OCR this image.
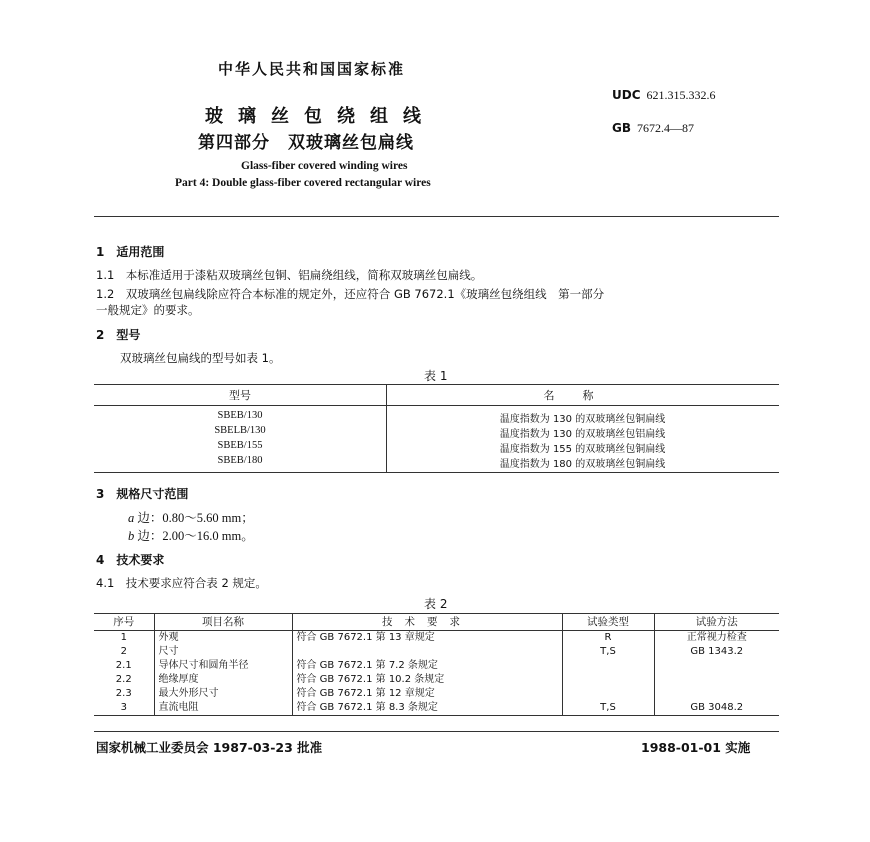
中华人民共和国国家标准
UDC 621.315.332.6
GB 7672.4—87
玻璃丝包绕组线
第四部分　双玻璃丝包扁线
Glass-fiber covered winding wires
Part 4: Double glass-fiber covered rectangular wires
1　适用范围
1.1　本标准适用于漆粘双玻璃丝包铜、铝扁绕组线，简称双玻璃丝包扁线。
1.2　双玻璃丝包扁线除应符合本标准的规定外，还应符合 GB 7672.1《玻璃丝包绕组线　第一部分
一般规定》的要求。
2　型号
双玻璃丝包扁线的型号如表 1。
表 1
型号	名称
SBEB/130	温度指数为 130 的双玻璃丝包铜扁线
SBELB/130	温度指数为 130 的双玻璃丝包铝扁线
SBEB/155	温度指数为 155 的双玻璃丝包铜扁线
SBEB/180	温度指数为 180 的双玻璃丝包铜扁线
3　规格尺寸范围
a 边：0.80～5.60 mm；
b 边：2.00～16.0 mm。
4　技术要求
4.1　技术要求应符合表 2 规定。
表 2
序号	项目名称	技术要求	试验类型	试验方法
1	外观	符合 GB 7672.1 第 13 章规定	R	正常视力检查
2	尺寸		T,S	GB 1343.2
2.1	导体尺寸和圆角半径	符合 GB 7672.1 第 7.2 条规定		
2.2	绝缘厚度	符合 GB 7672.1 第 10.2 条规定		
2.3	最大外形尺寸	符合 GB 7672.1 第 12 章规定		
3	直流电阻	符合 GB 7672.1 第 8.3 条规定	T,S	GB 3048.2
国家机械工业委员会 1987-03-23 批准	1988-01-01 实施
